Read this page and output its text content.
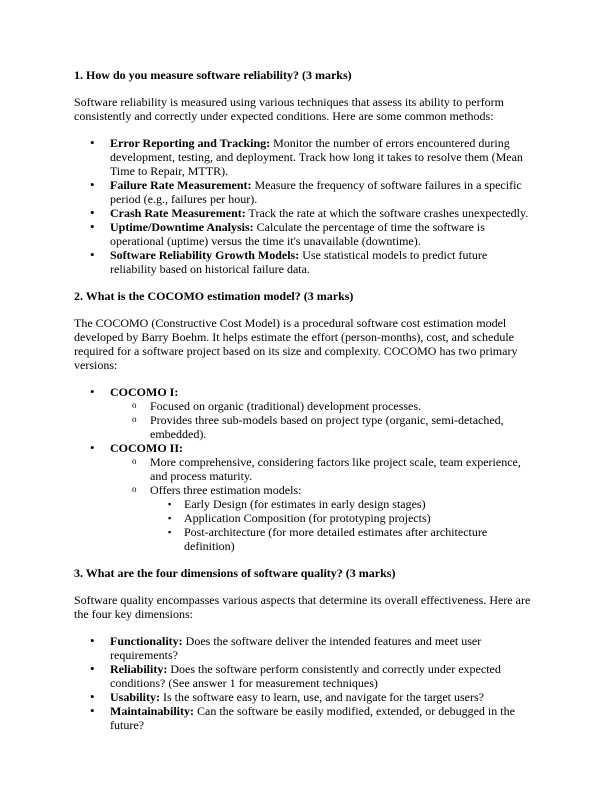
1. How do you measure software reliability? (3 marks)

Software reliability is measured using various techniques that assess its ability to perform consistently and correctly under expected conditions. Here are some common methods:

• Error Reporting and Tracking: Monitor the number of errors encountered during development, testing, and deployment. Track how long it takes to resolve them (Mean Time to Repair, MTTR).
• Failure Rate Measurement: Measure the frequency of software failures in a specific period (e.g., failures per hour).
• Crash Rate Measurement: Track the rate at which the software crashes unexpectedly.
• Uptime/Downtime Analysis: Calculate the percentage of time the software is operational (uptime) versus the time it's unavailable (downtime).
• Software Reliability Growth Models: Use statistical models to predict future reliability based on historical failure data.
2. What is the COCOMO estimation model? (3 marks)

The COCOMO (Constructive Cost Model) is a procedural software cost estimation model developed by Barry Boehm. It helps estimate the effort (person-months), cost, and schedule required for a software project based on its size and complexity. COCOMO has two primary versions:

• COCOMO I:
o Focused on organic (traditional) development processes.
o Provides three sub-models based on project type (organic, semi-detached, embedded).
• COCOMO II:
o More comprehensive, considering factors like project scale, team experience, and process maturity.
o Offers three estimation models:
▪ Early Design (for estimates in early design stages)
▪ Application Composition (for prototyping projects)
▪ Post-architecture (for more detailed estimates after architecture definition)
3. What are the four dimensions of software quality? (3 marks)

Software quality encompasses various aspects that determine its overall effectiveness. Here are the four key dimensions:

• Functionality: Does the software deliver the intended features and meet user requirements?
• Reliability: Does the software perform consistently and correctly under expected conditions? (See answer 1 for measurement techniques)
• Usability: Is the software easy to learn, use, and navigate for the target users?
• Maintainability: Can the software be easily modified, extended, or debugged in the future?
